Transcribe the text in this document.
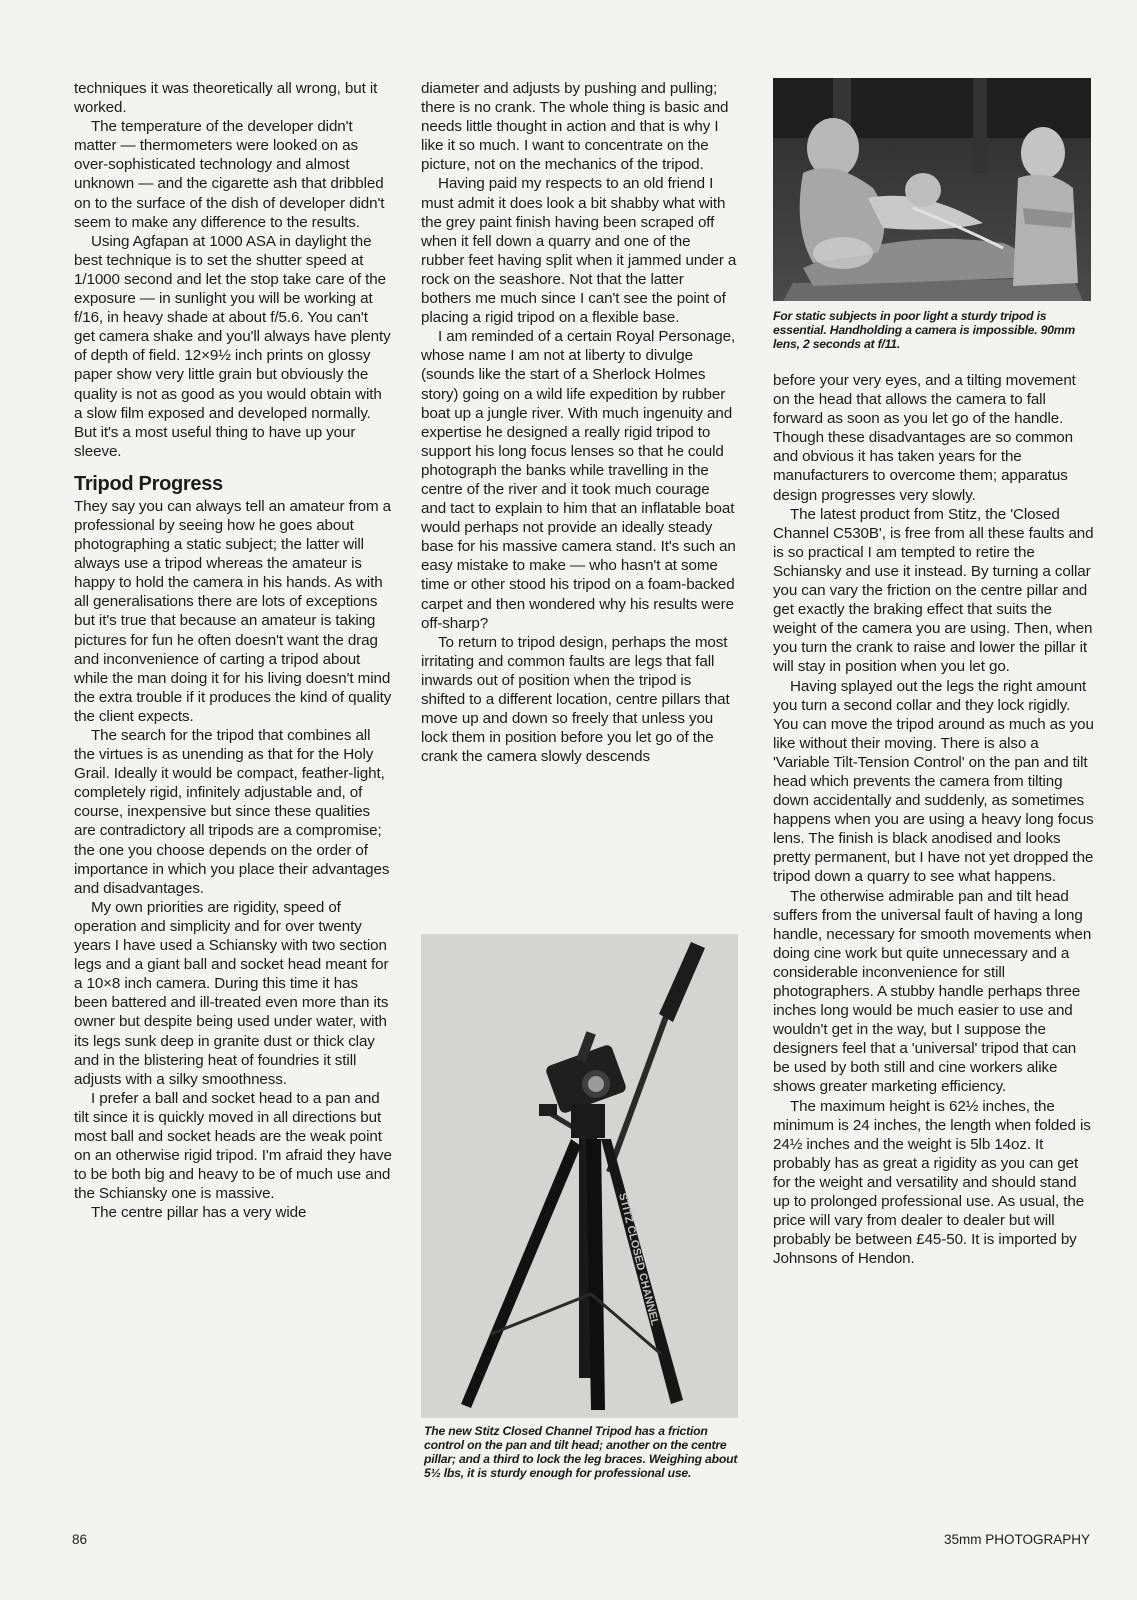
techniques it was theoretically all wrong, but it worked.

The temperature of the developer didn't matter — thermometers were looked on as over-sophisticated technology and almost unknown — and the cigarette ash that dribbled on to the surface of the dish of developer didn't seem to make any difference to the results.

Using Agfapan at 1000 ASA in daylight the best technique is to set the shutter speed at 1/1000 second and let the stop take care of the exposure — in sunlight you will be working at f/16, in heavy shade at about f/5.6. You can't get camera shake and you'll always have plenty of depth of field. 12×9½ inch prints on glossy paper show very little grain but obviously the quality is not as good as you would obtain with a slow film exposed and developed normally. But it's a most useful thing to have up your sleeve.

Tripod Progress

They say you can always tell an amateur from a professional by seeing how he goes about photographing a static subject; the latter will always use a tripod whereas the amateur is happy to hold the camera in his hands. As with all generalisations there are lots of exceptions but it's true that because an amateur is taking pictures for fun he often doesn't want the drag and inconvenience of carting a tripod about while the man doing it for his living doesn't mind the extra trouble if it produces the kind of quality the client expects.

The search for the tripod that combines all the virtues is as unending as that for the Holy Grail. Ideally it would be compact, feather-light, completely rigid, infinitely adjustable and, of course, inexpensive but since these qualities are contradictory all tripods are a compromise; the one you choose depends on the order of importance in which you place their advantages and disadvantages.

My own priorities are rigidity, speed of operation and simplicity and for over twenty years I have used a Schiansky with two section legs and a giant ball and socket head meant for a 10×8 inch camera. During this time it has been battered and ill-treated even more than its owner but despite being used under water, with its legs sunk deep in granite dust or thick clay and in the blistering heat of foundries it still adjusts with a silky smoothness.

I prefer a ball and socket head to a pan and tilt since it is quickly moved in all directions but most ball and socket heads are the weak point on an otherwise rigid tripod. I'm afraid they have to be both big and heavy to be of much use and the Schiansky one is massive.

The centre pillar has a very wide

diameter and adjusts by pushing and pulling; there is no crank. The whole thing is basic and needs little thought in action and that is why I like it so much. I want to concentrate on the picture, not on the mechanics of the tripod.

Having paid my respects to an old friend I must admit it does look a bit shabby what with the grey paint finish having been scraped off when it fell down a quarry and one of the rubber feet having split when it jammed under a rock on the seashore. Not that the latter bothers me much since I can't see the point of placing a rigid tripod on a flexible base.

I am reminded of a certain Royal Personage, whose name I am not at liberty to divulge (sounds like the start of a Sherlock Holmes story) going on a wild life expedition by rubber boat up a jungle river. With much ingenuity and expertise he designed a really rigid tripod to support his long focus lenses so that he could photograph the banks while travelling in the centre of the river and it took much courage and tact to explain to him that an inflatable boat would perhaps not provide an ideally steady base for his massive camera stand. It's such an easy mistake to make — who hasn't at some time or other stood his tripod on a foam-backed carpet and then wondered why his results were off-sharp?

To return to tripod design, perhaps the most irritating and common faults are legs that fall inwards out of position when the tripod is shifted to a different location, centre pillars that move up and down so freely that unless you lock them in position before you let go of the crank the camera slowly descends

For static subjects in poor light a sturdy tripod is essential. Handholding a camera is impossible. 90mm lens, 2 seconds at f/11.

before your very eyes, and a tilting movement on the head that allows the camera to fall forward as soon as you let go of the handle. Though these disadvantages are so common and obvious it has taken years for the manufacturers to overcome them; apparatus design progresses very slowly.

The latest product from Stitz, the 'Closed Channel C530B', is free from all these faults and is so practical I am tempted to retire the Schiansky and use it instead. By turning a collar you can vary the friction on the centre pillar and get exactly the braking effect that suits the weight of the camera you are using. Then, when you turn the crank to raise and lower the pillar it will stay in position when you let go.

Having splayed out the legs the right amount you turn a second collar and they lock rigidly. You can move the tripod around as much as you like without their moving. There is also a 'Variable Tilt-Tension Control' on the pan and tilt head which prevents the camera from tilting down accidentally and suddenly, as sometimes happens when you are using a heavy long focus lens. The finish is black anodised and looks pretty permanent, but I have not yet dropped the tripod down a quarry to see what happens.

The otherwise admirable pan and tilt head suffers from the universal fault of having a long handle, necessary for smooth movements when doing cine work but quite unnecessary and a considerable inconvenience for still photographers. A stubby handle perhaps three inches long would be much easier to use and wouldn't get in the way, but I suppose the designers feel that a 'universal' tripod that can be used by both still and cine workers alike shows greater marketing efficiency.

The maximum height is 62½ inches, the minimum is 24 inches, the length when folded is 24½ inches and the weight is 5lb 14oz. It probably has as great a rigidity as you can get for the weight and versatility and should stand up to prolonged professional use. As usual, the price will vary from dealer to dealer but will probably be between £45-50. It is imported by Johnsons of Hendon.

STITZ CLOSED CHANNEL
The new Stitz Closed Channel Tripod has a friction control on the pan and tilt head; another on the centre pillar; and a third to lock the leg braces. Weighing about 5½ lbs, it is sturdy enough for professional use.
86	35mm PHOTOGRAPHY
